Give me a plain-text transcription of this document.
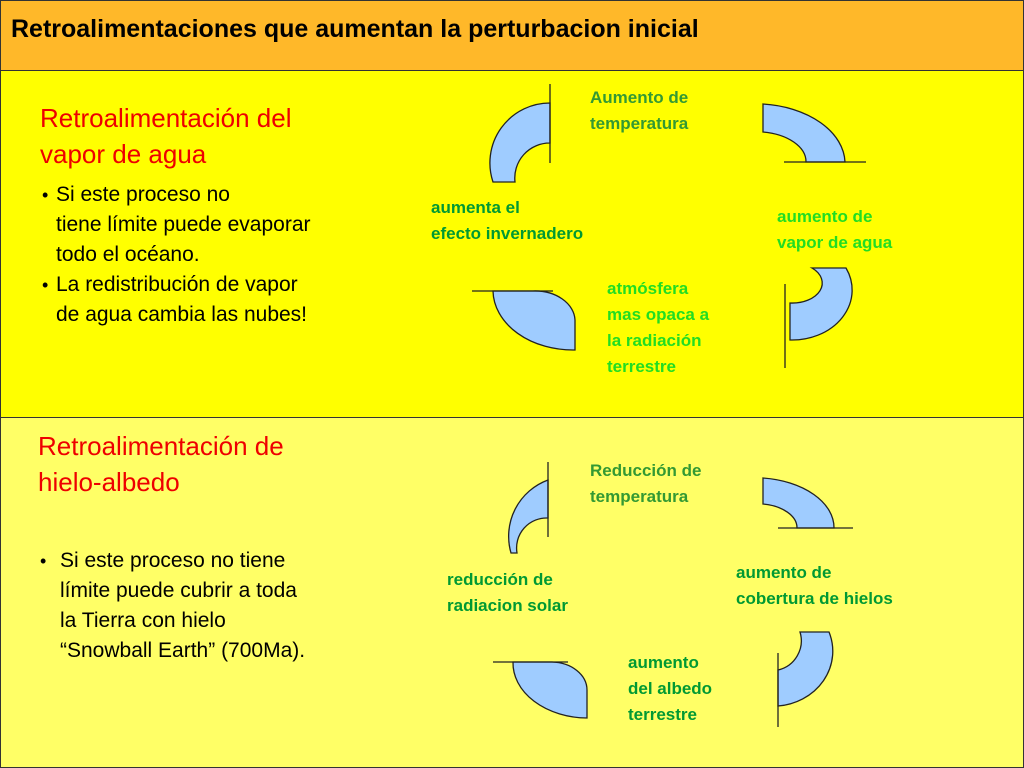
Retroalimentaciones que aumentan la perturbacion inicial
Retroalimentación del
vapor de agua
• Si este proceso no
tiene límite puede evaporar
todo el océano.
• La redistribución de vapor
de agua cambia las nubes!
Aumento de
temperatura
aumento de
vapor de agua
atmósfera
mas opaca a
la radiación
terrestre
aumenta el
efecto invernadero
Retroalimentación de
hielo-albedo
• Si este proceso no tiene
límite puede cubrir a toda
la Tierra con hielo
“Snowball Earth” (700Ma).
Reducción de
temperatura
aumento de
cobertura de hielos
aumento
del albedo
terrestre
reducción de
radiacion solar
